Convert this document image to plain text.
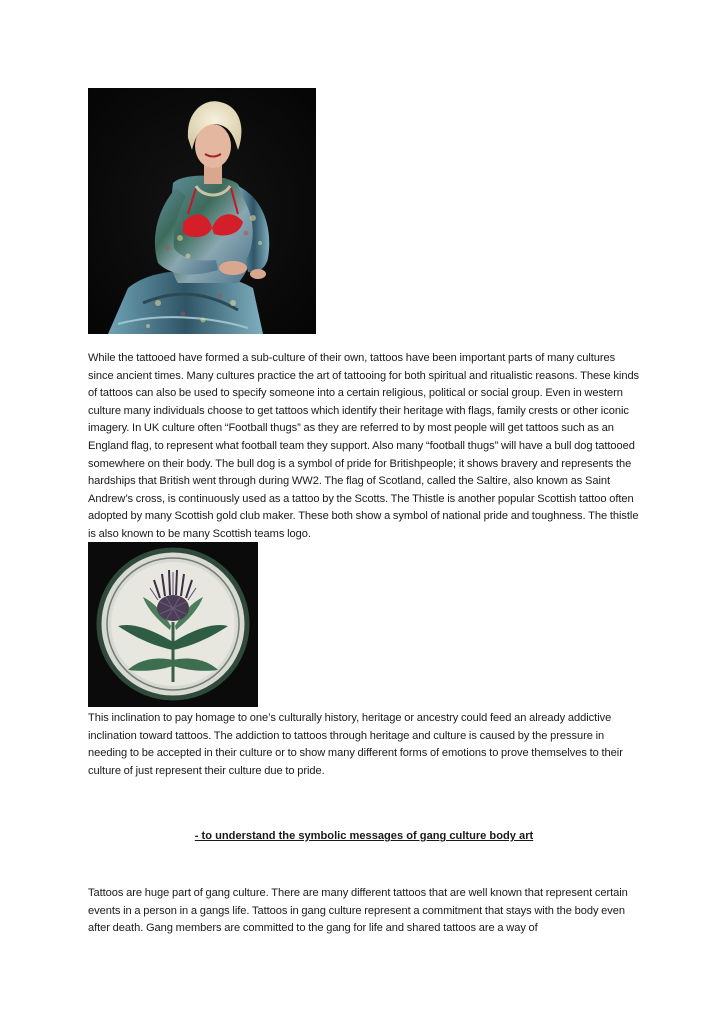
While the tattooed have formed a sub-culture of their own, tattoos have been important parts of many cultures since ancient times. Many cultures practice the art of tattooing for both spiritual and ritualistic reasons. These kinds of tattoos can also be used to specify someone into a certain religious, political or social group. Even in western culture many individuals choose to get tattoos which identify their heritage with flags, family crests or other iconic imagery. In UK culture often “Football thugs” as they are referred to by most people will get tattoos such as an England flag, to represent what football team they support. Also many “football thugs” will have a bull dog tattooed somewhere on their body. The bull dog is a symbol of pride for Britishpeople; it shows bravery and represents the hardships that British went through during WW2. The flag of Scotland, called the Saltire, also known as Saint Andrew’s cross, is continuously used as a tattoo by the Scotts. The Thistle is another popular Scottish tattoo often adopted by many Scottish gold club maker. These both show a symbol of national pride and toughness. The thistle is also known to be many Scottish teams logo.

This inclination to pay homage to one’s culturally history, heritage or ancestry could feed an already addictive inclination toward tattoos. The addiction to tattoos through heritage and culture is caused by the pressure in needing to be accepted in their culture or to show many different forms of emotions to prove themselves to their culture of just represent their culture due to pride.

- to understand the symbolic messages of gang culture body art

Tattoos are huge part of gang culture. There are many different tattoos that are well known that represent certain events in a person in a gangs life. Tattoos in gang culture represent a commitment that stays with the body even after death. Gang members are committed to the gang for life and shared tattoos are a way of
